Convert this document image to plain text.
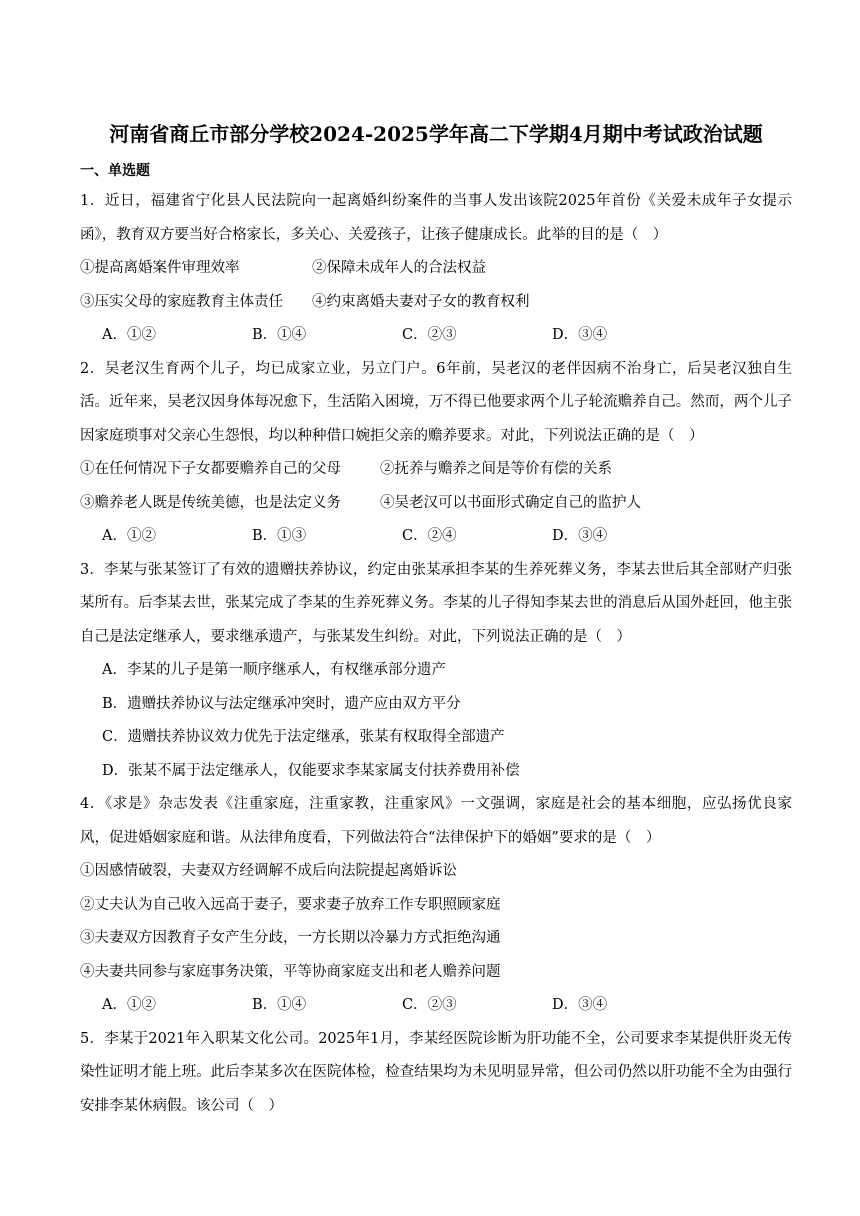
河南省商丘市部分学校2024-2025学年高二下学期4月期中考试政治试题
一、单选题

1．近日，福建省宁化县人民法院向一起离婚纠纷案件的当事人发出该院2025年首份《关爱未成年子女提示函》，教育双方要当好合格家长，多关心、关爱孩子，让孩子健康成长。此举的目的是（　）

①提高离婚案件审理效率	②保障未成年人的合法权益
③压实父母的家庭教育主体责任	④约束离婚夫妻对子女的教育权利
A．①②	B．①④	C．②③	D．③④

2．吴老汉生育两个儿子，均已成家立业，另立门户。6年前，吴老汉的老伴因病不治身亡，后吴老汉独自生活。近年来，吴老汉因身体每况愈下，生活陷入困境，万不得已他要求两个儿子轮流赡养自己。然而，两个儿子因家庭琐事对父亲心生怨恨，均以种种借口婉拒父亲的赡养要求。对此，下列说法正确的是（　）

①在任何情况下子女都要赡养自己的父母	②抚养与赡养之间是等价有偿的关系
③赡养老人既是传统美德，也是法定义务	④吴老汉可以书面形式确定自己的监护人
A．①②	B．①③	C．②④	D．③④

3．李某与张某签订了有效的遗赠扶养协议，约定由张某承担李某的生养死葬义务，李某去世后其全部财产归张某所有。后李某去世，张某完成了李某的生养死葬义务。李某的儿子得知李某去世的消息后从国外赶回，他主张自己是法定继承人，要求继承遗产，与张某发生纠纷。对此，下列说法正确的是（　）

A．李某的儿子是第一顺序继承人，有权继承部分遗产

B．遗赠扶养协议与法定继承冲突时，遗产应由双方平分

C．遗赠扶养协议效力优先于法定继承，张某有权取得全部遗产

D．张某不属于法定继承人，仅能要求李某家属支付扶养费用补偿

4．《求是》杂志发表《注重家庭，注重家教，注重家风》一文强调，家庭是社会的基本细胞，应弘扬优良家风，促进婚姻家庭和谐。从法律角度看，下列做法符合“法律保护下的婚姻”要求的是（　）

①因感情破裂，夫妻双方经调解不成后向法院提起离婚诉讼

②丈夫认为自己收入远高于妻子，要求妻子放弃工作专职照顾家庭

③夫妻双方因教育子女产生分歧，一方长期以冷暴力方式拒绝沟通

④夫妻共同参与家庭事务决策，平等协商家庭支出和老人赡养问题

A．①②	B．①④	C．②③	D．③④

5．李某于2021年入职某文化公司。2025年1月，李某经医院诊断为肝功能不全，公司要求李某提供肝炎无传染性证明才能上班。此后李某多次在医院体检，检查结果均为未见明显异常，但公司仍然以肝功能不全为由强行安排李某休病假。该公司（　）
